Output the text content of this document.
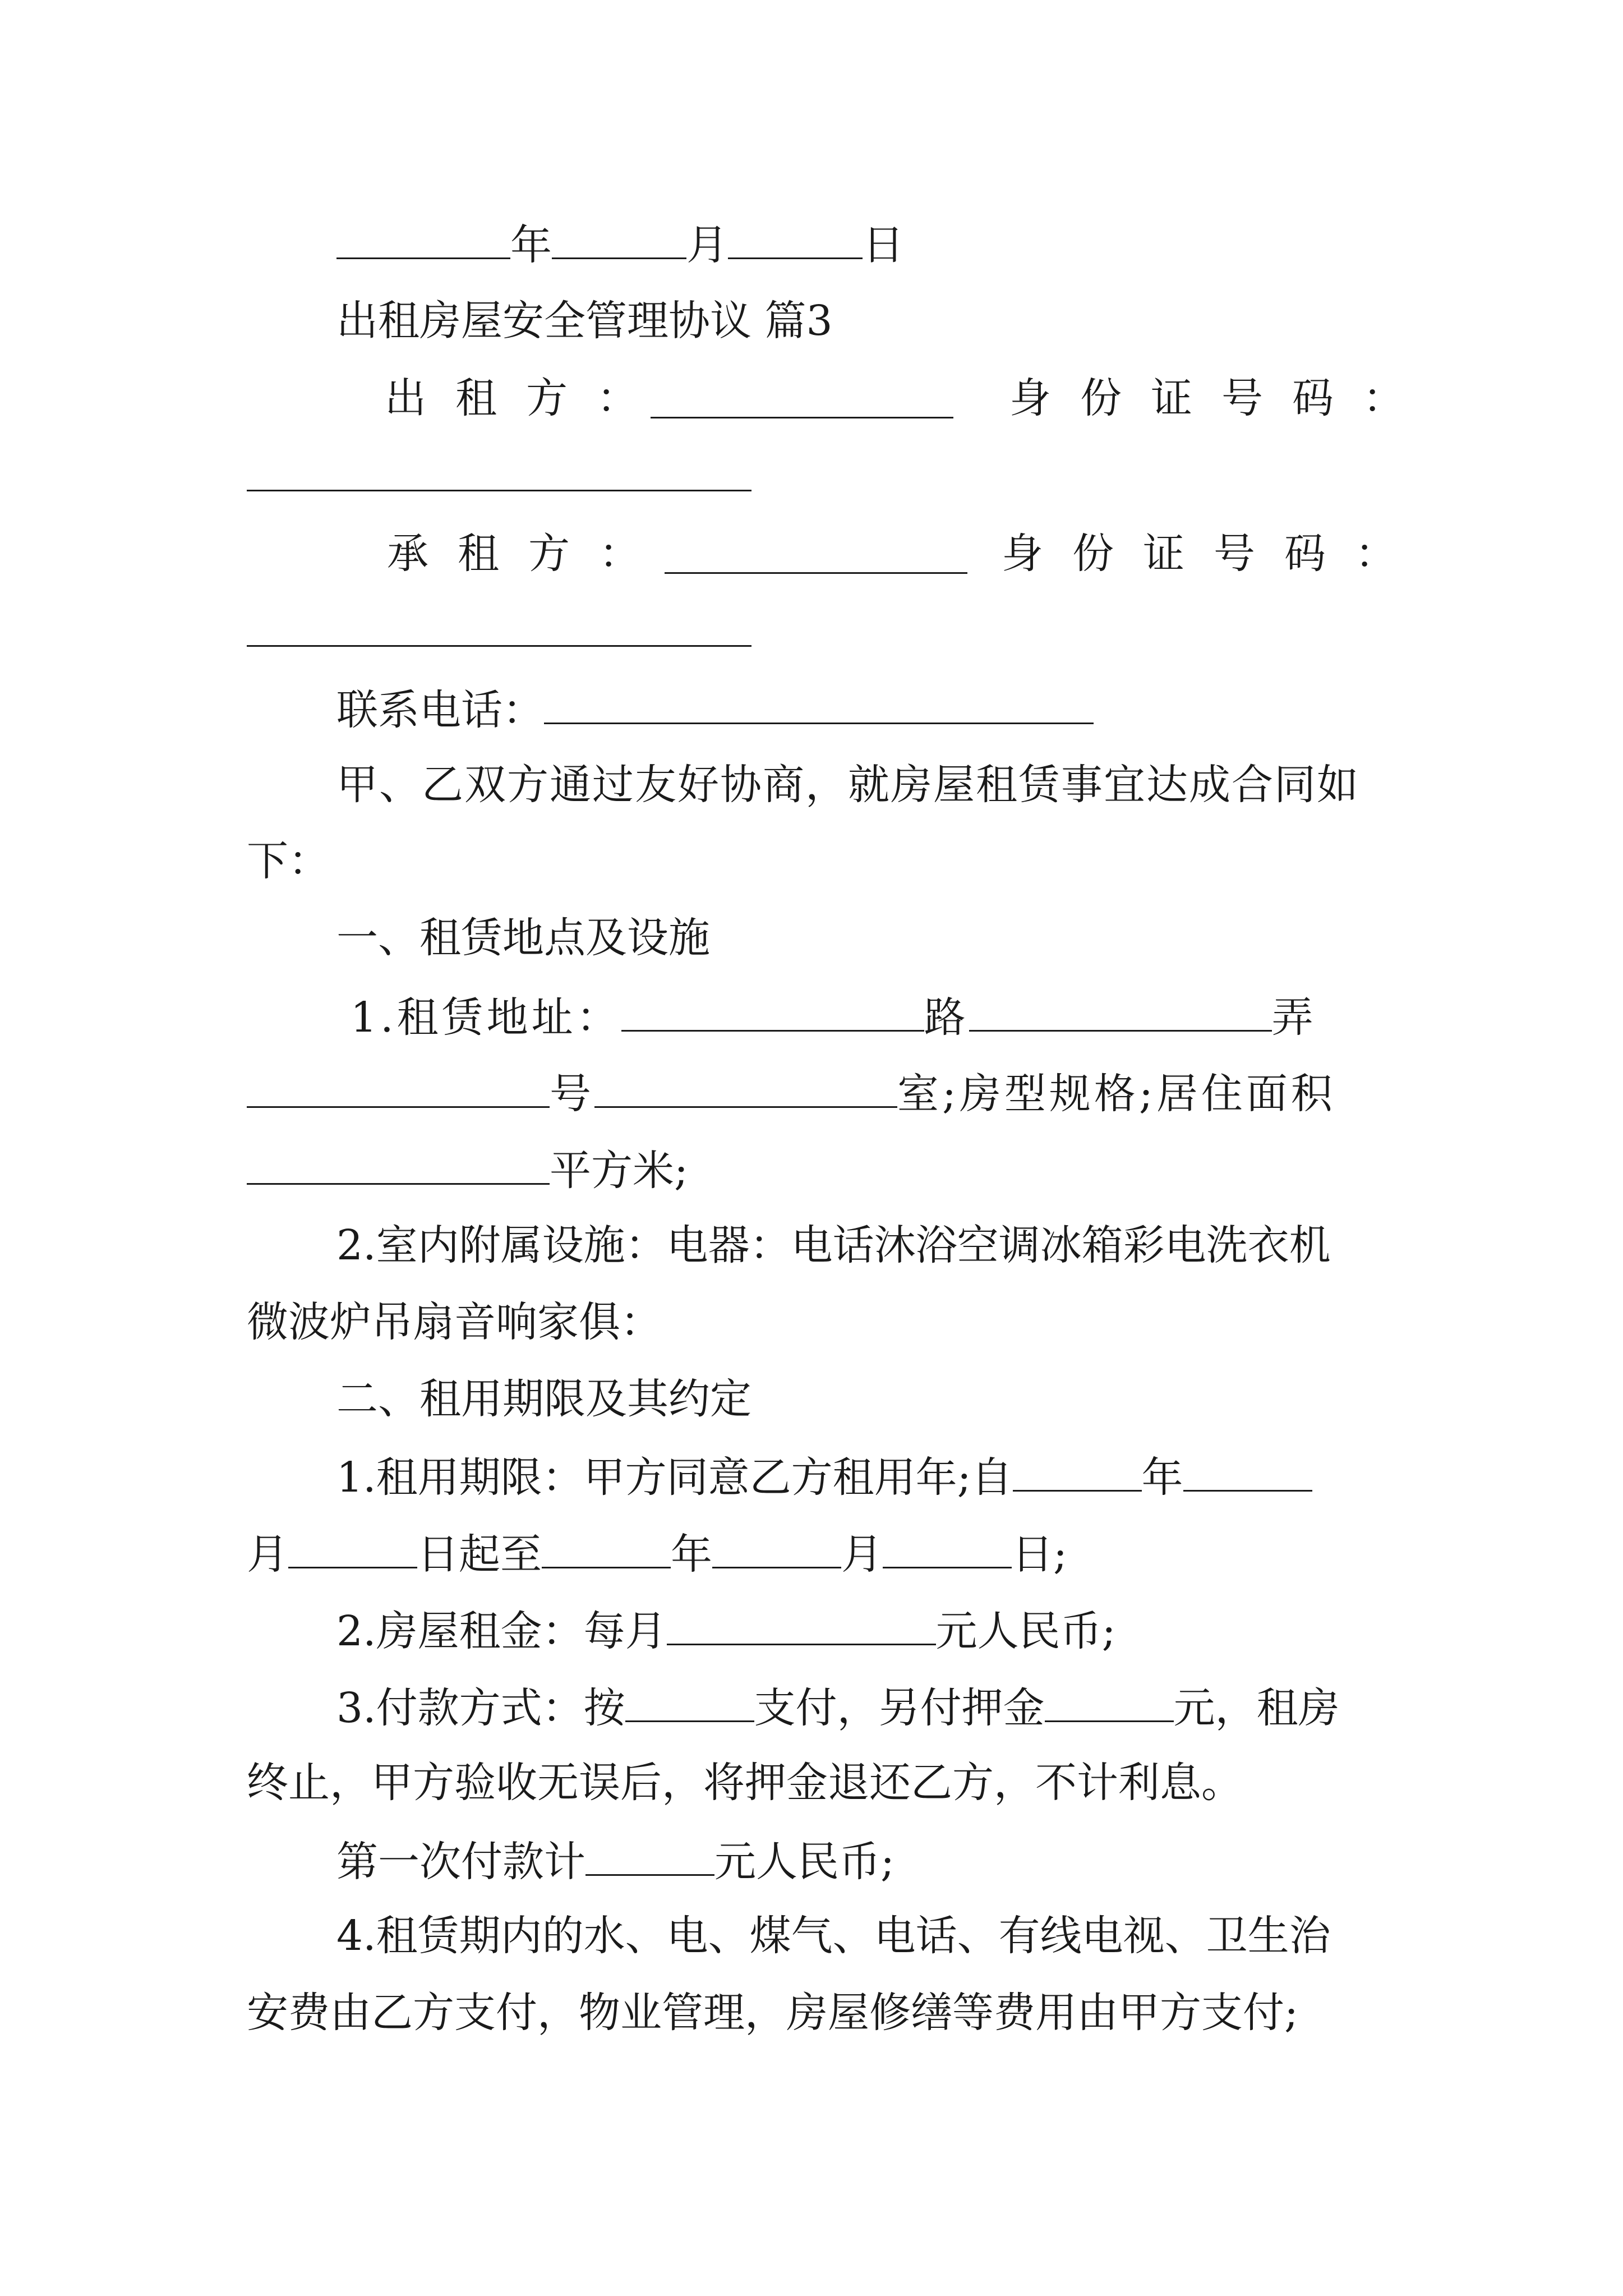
年	月	日
出租房屋安全管理协议 篇3
出租方：	身份证号码：
承租方：	身份证号码：
联系电话：
甲、乙双方通过友好协商，就房屋租赁事宜达成合同如
下：
一、租赁地点及设施
1.租赁地址：	路	弄
号	室;房型规格;居住面积
平方米;
2.室内附属设施：电器：电话沐浴空调冰箱彩电洗衣机
微波炉吊扇音响家俱：
二、租用期限及其约定
1.租用期限：甲方同意乙方租用年;自	年
月	日起至	年	月	日;
2.房屋租金：每月	元人民币;
3.付款方式：按	支付，另付押金	元，租房
终止，甲方验收无误后，将押金退还乙方，不计利息。
第一次付款计	元人民币;
4.租赁期内的水、电、煤气、电话、有线电视、卫生治
安费由乙方支付，物业管理，房屋修缮等费用由甲方支付;
